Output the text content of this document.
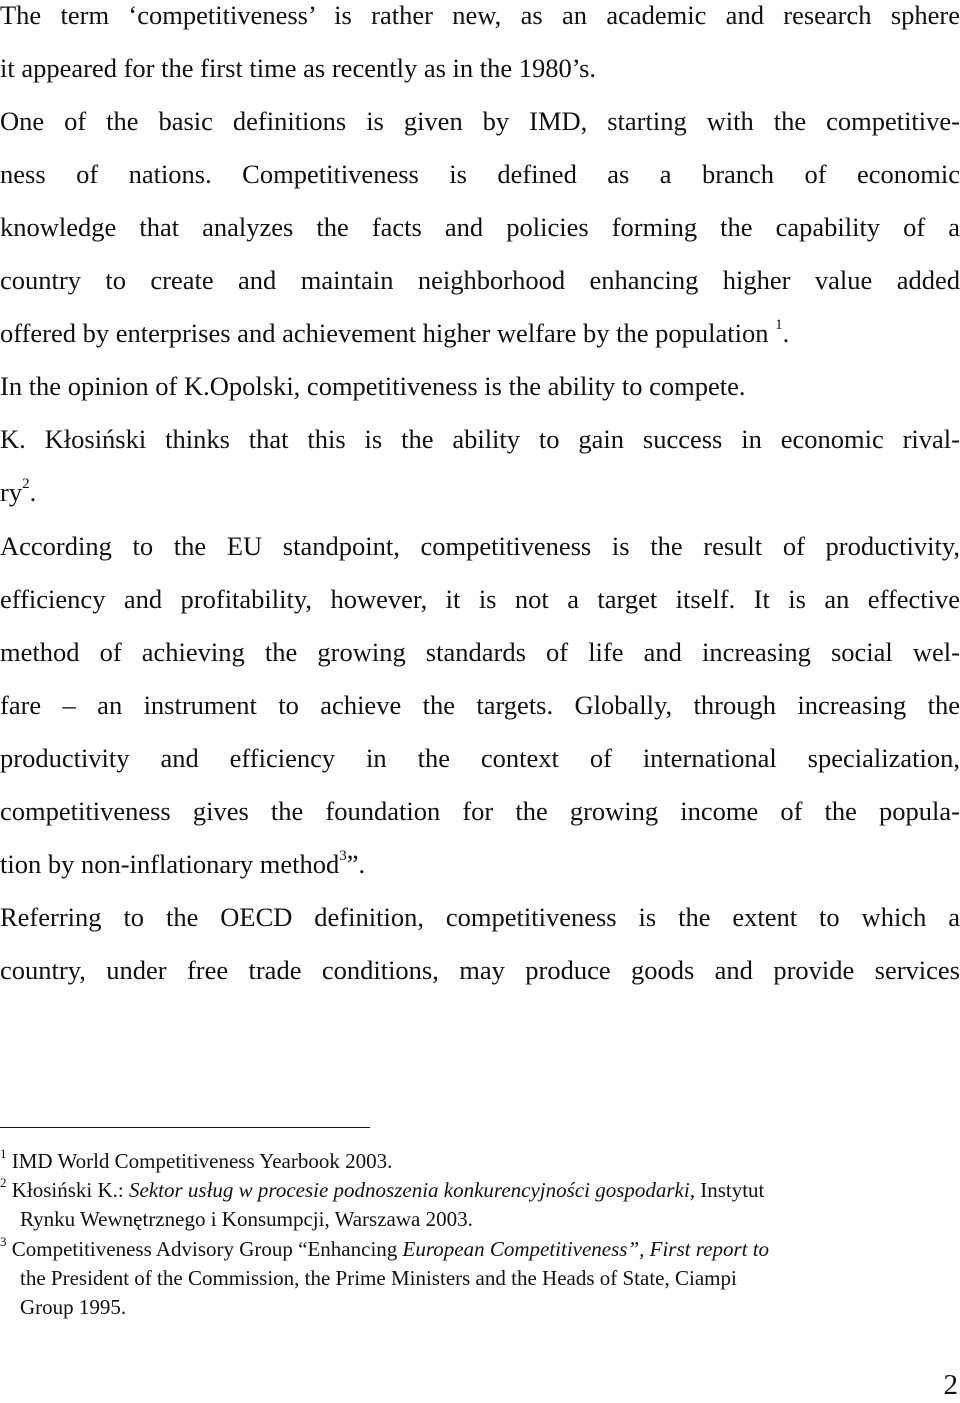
The term ‘competitiveness’ is rather new, as an academic and research sphere
it appeared for the first time as recently as in the 1980’s.
One of the basic definitions is given by IMD, starting with the competitive-
ness of nations. Competitiveness is defined as a branch of economic
knowledge that analyzes the facts and policies forming the capability of a
country to create and maintain neighborhood enhancing higher value added
offered by enterprises and achievement higher welfare by the population $^1$.
In the opinion of K.Opolski, competitiveness is the ability to compete.
K. Kłosiński thinks that this is the ability to gain success in economic rival-
$ry^2$.
According to the EU standpoint, competitiveness is the result of productivity,
efficiency and profitability, however, it is not a target itself. It is an effective
method of achieving the growing standards of life and increasing social wel-
fare – an instrument to achieve the targets. Globally, through increasing the
productivity and efficiency in the context of international specialization,
competitiveness gives the foundation for the growing income of the popula-
tion by non-inflationary method$^3$”.
Referring to the OECD definition, competitiveness is the extent to which a
country, under free trade conditions, may produce goods and provide services
$^1$ IMD World Competitiveness Yearbook 2003.
$^2$ Kłosiński K.: Sektor usług w procesie podnoszenia konkurencyjności gospodarki, Instytut
Rynku Wewnętrznego i Konsumpcji, Warszawa 2003.
$^3$ Competitiveness Advisory Group “Enhancing European Competitiveness”, First report to
the President of the Commission, the Prime Ministers and the Heads of State, Ciampi
Group 1995.
2
